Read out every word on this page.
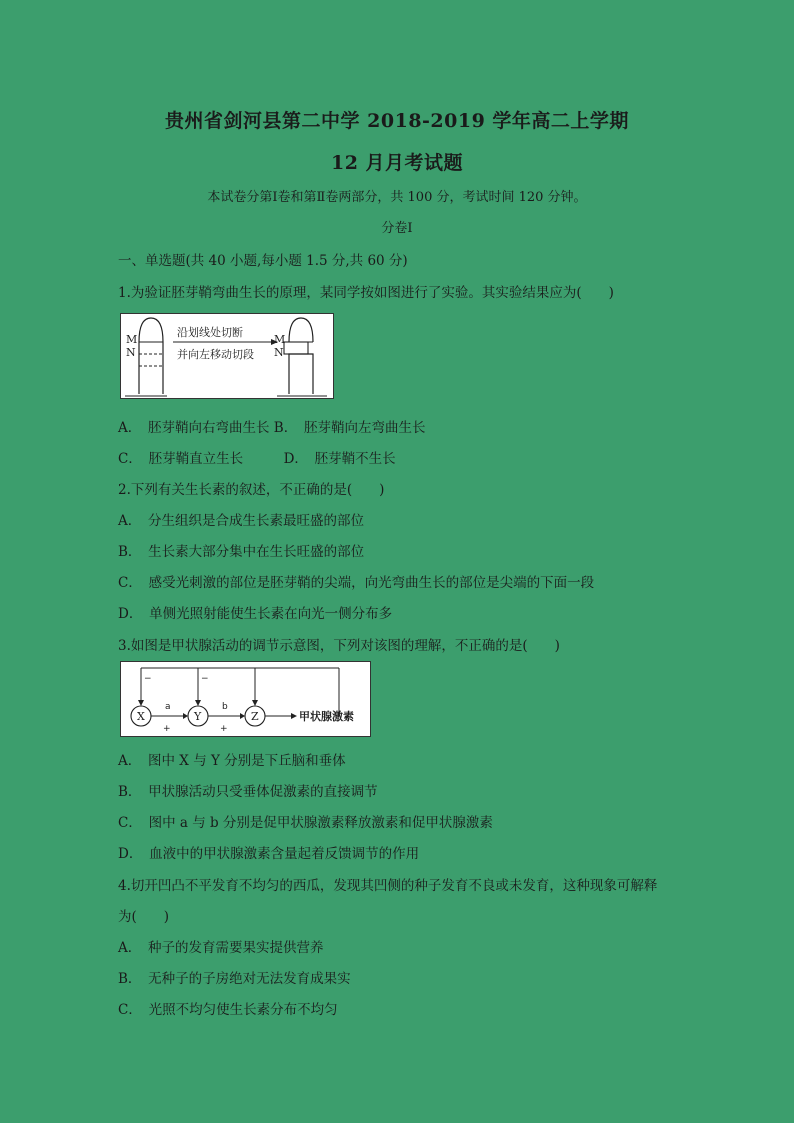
贵州省剑河县第二中学 2018-2019 学年高二上学期
12 月月考试题
本试卷分第Ⅰ卷和第Ⅱ卷两部分，共 100 分，考试时间 120 分钟。
分卷Ⅰ
一、单选题(共 40 小题,每小题 1.5 分,共 60 分)
1.为验证胚芽鞘弯曲生长的原理，某同学按如图进行了实验。其实验结果应为(　　)
M
N
沿划线处切断
并向左移动切段
M
N
A．　胚芽鞘向右弯曲生长 B．　胚芽鞘向左弯曲生长
C．　胚芽鞘直立生长　　　D．　胚芽鞘不生长
2.下列有关生长素的叙述，不正确的是(　　)
A．　分生组织是合成生长素最旺盛的部位
B．　生长素大部分集中在生长旺盛的部位
C．　感受光刺激的部位是胚芽鞘的尖端，向光弯曲生长的部位是尖端的下面一段
D．　单侧光照射能使生长素在向光一侧分布多
3.如图是甲状腺活动的调节示意图，下列对该图的理解，不正确的是(　　)
−	−
X	Y	Z
a	b
+	+
甲状腺激素
A．　图中 X 与 Y 分别是下丘脑和垂体
B．　甲状腺活动只受垂体促激素的直接调节
C．　图中 a 与 b 分别是促甲状腺激素释放激素和促甲状腺激素
D．　血液中的甲状腺激素含量起着反馈调节的作用
4.切开凹凸不平发育不均匀的西瓜，发现其凹侧的种子发育不良或未发育，这种现象可解释
为(　　)
A．　种子的发育需要果实提供营养
B．　无种子的子房绝对无法发育成果实
C．　光照不均匀使生长素分布不均匀
